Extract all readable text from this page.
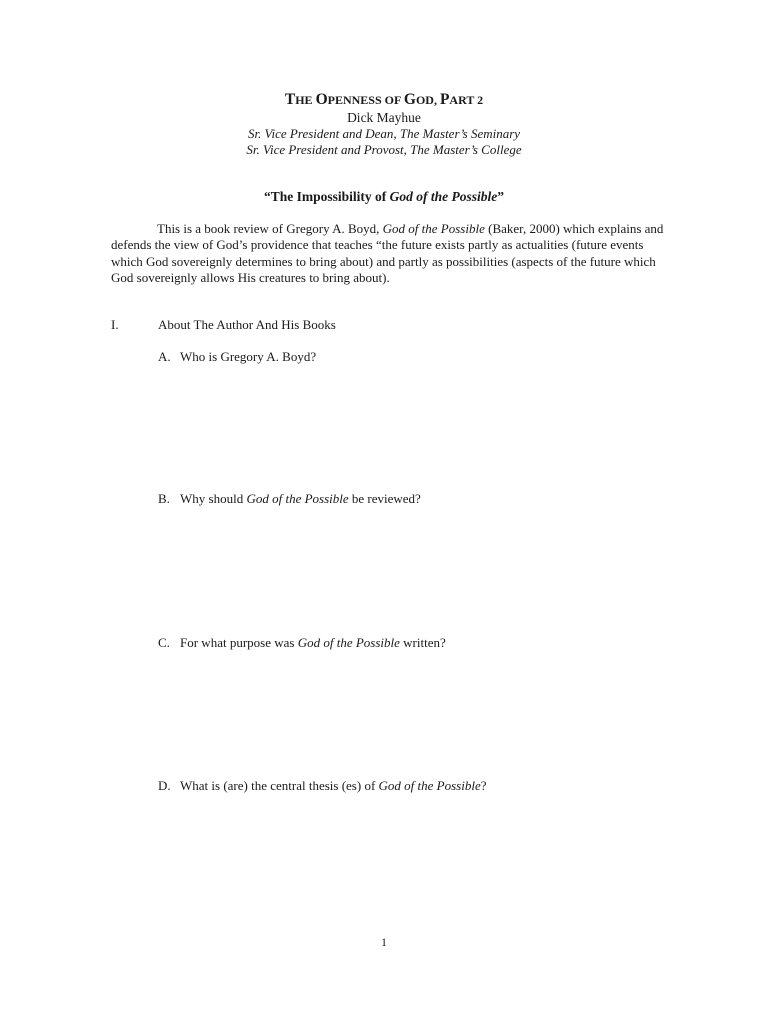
THE OPENNESS OF GOD, PART 2
Dick Mayhue
Sr. Vice President and Dean, The Master’s Seminary
Sr. Vice President and Provost, The Master’s College
“The Impossibility of God of the Possible”
This is a book review of Gregory A. Boyd, God of the Possible (Baker, 2000) which explains and defends the view of God’s providence that teaches “the future exists partly as actualities (future events which God sovereignly determines to bring about) and partly as possibilities (aspects of the future which God sovereignly allows His creatures to bring about).
I.	About The Author And His Books
A. Who is Gregory A. Boyd?
B. Why should God of the Possible be reviewed?
C. For what purpose was God of the Possible written?
D. What is (are) the central thesis (es) of God of the Possible?
1
